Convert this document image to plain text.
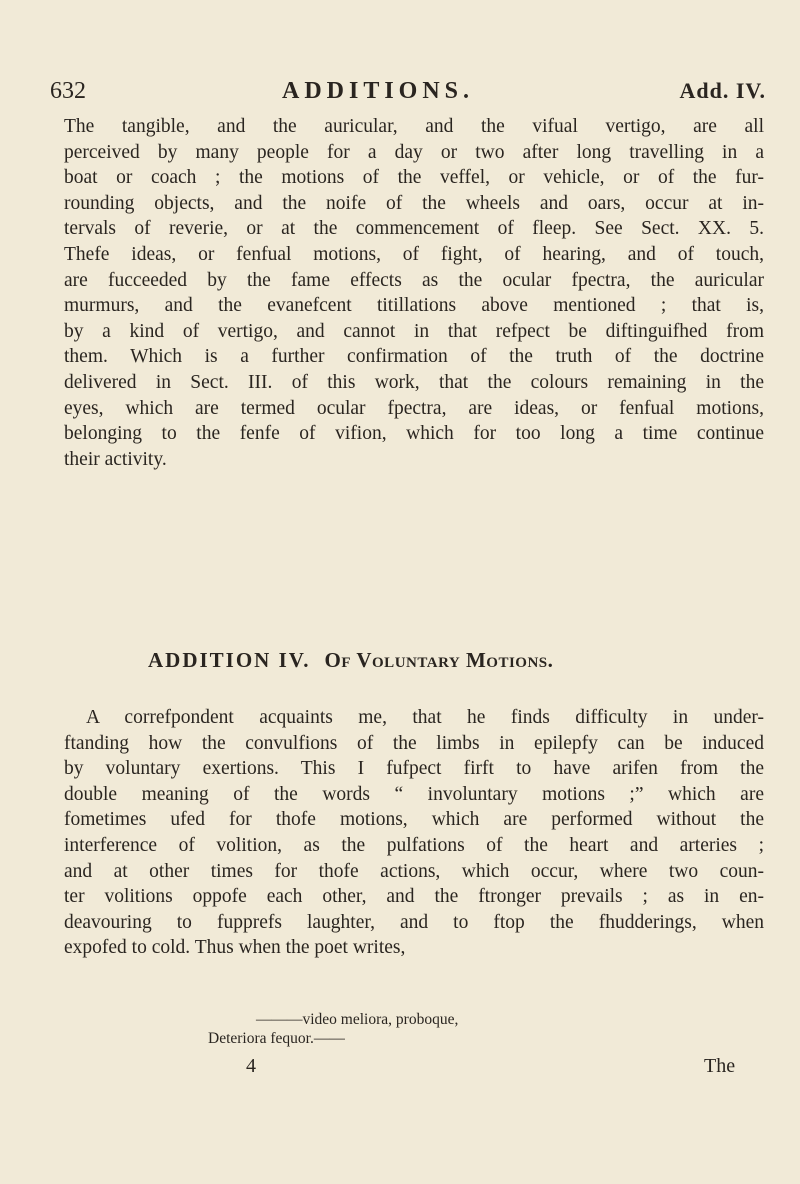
632	ADDITIONS.	Add. IV.
The tangible, and the auricular, and the vifual vertigo, are all
perceived by many people for a day or two after long travelling in a
boat or coach ; the motions of the veffel, or vehicle, or of the fur-
rounding objects, and the noife of the wheels and oars, occur at in-
tervals of reverie, or at the commencement of fleep. See Sect. XX. 5.
Thefe ideas, or fenfual motions, of fight, of hearing, and of touch,
are fucceeded by the fame effects as the ocular fpectra, the auricular
murmurs, and the evanefcent titillations above mentioned ; that is,
by a kind of vertigo, and cannot in that refpect be diftinguifhed from
them. Which is a further confirmation of the truth of the doctrine
delivered in Sect. III. of this work, that the colours remaining in the
eyes, which are termed ocular fpectra, are ideas, or fenfual motions,
belonging to the fenfe of vifion, which for too long a time continue
their activity.
ADDITION IV. Of Voluntary Motions.
A correfpondent acquaints me, that he finds difficulty in under-
ftanding how the convulfions of the limbs in epilepfy can be induced
by voluntary exertions. This I fufpect firft to have arifen from the
double meaning of the words “ involuntary motions ;” which are
fometimes ufed for thofe motions, which are performed without the
interference of volition, as the pulfations of the heart and arteries ;
and at other times for thofe actions, which occur, where two coun-
ter volitions oppofe each other, and the ftronger prevails ; as in en-
deavouring to fupprefs laughter, and to ftop the fhudderings, when
expofed to cold. Thus when the poet writes,
———video meliora, proboque,
Deteriora fequor.——
4	The
